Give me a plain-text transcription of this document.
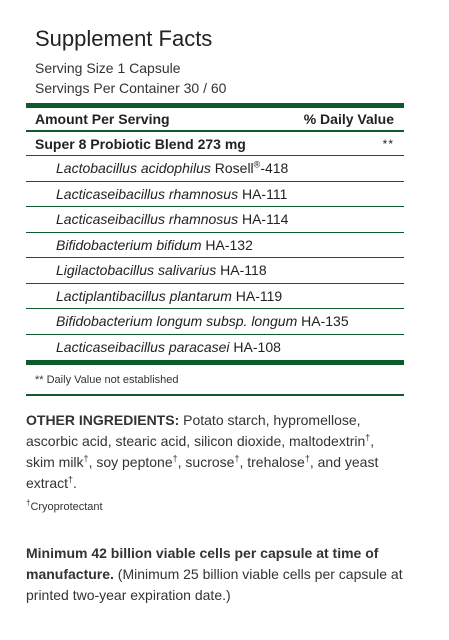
Supplement Facts
Serving Size 1 Capsule
Servings Per Container 30 / 60
Amount Per Serving	% Daily Value
Super 8 Probiotic Blend 273 mg	**
Lactobacillus acidophilus Rosell®-418
Lacticaseibacillus rhamnosus HA-111
Lacticaseibacillus rhamnosus HA-114
Bifidobacterium bifidum HA-132
Ligilactobacillus salivarius HA-118
Lactiplantibacillus plantarum HA-119
Bifidobacterium longum subsp. longum HA-135
Lacticaseibacillus paracasei HA-108
** Daily Value not established
OTHER INGREDIENTS: Potato starch, hypromellose, ascorbic acid, stearic acid, silicon dioxide, maltodextrin†, skim milk†, soy peptone†, sucrose†, trehalose†, and yeast extract†.
†Cryoprotectant
Minimum 42 billion viable cells per capsule at time of manufacture. (Minimum 25 billion viable cells per capsule at printed two-year expiration date.)
